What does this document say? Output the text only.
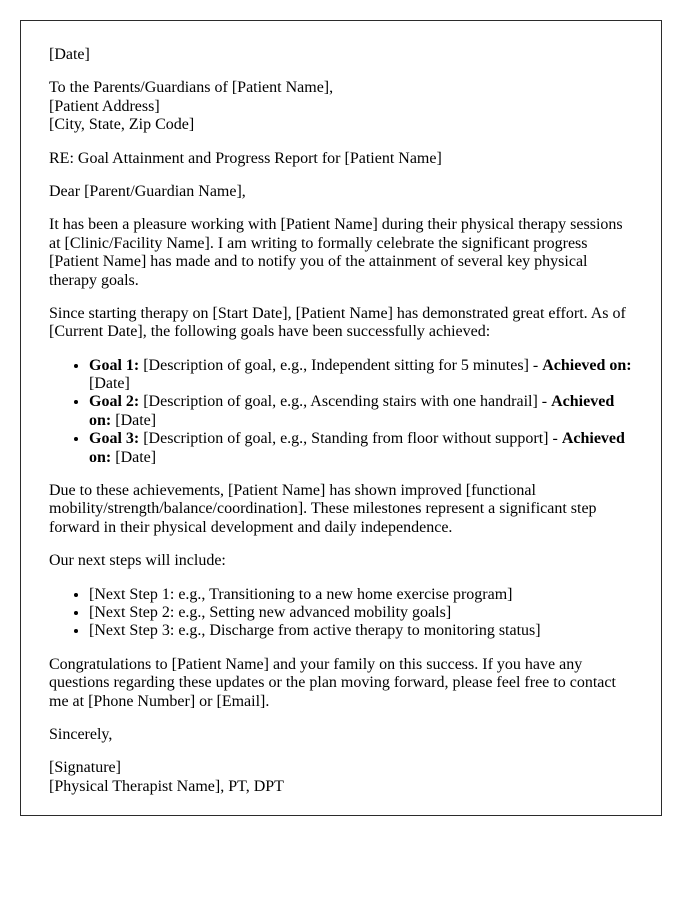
[Date]

To the Parents/Guardians of [Patient Name],
[Patient Address]
[City, State, Zip Code]

RE: Goal Attainment and Progress Report for [Patient Name]

Dear [Parent/Guardian Name],

It has been a pleasure working with [Patient Name] during their physical therapy sessions at [Clinic/Facility Name]. I am writing to formally celebrate the significant progress [Patient Name] has made and to notify you of the attainment of several key physical therapy goals.

Since starting therapy on [Start Date], [Patient Name] has demonstrated great effort. As of [Current Date], the following goals have been successfully achieved:

• Goal 1: [Description of goal, e.g., Independent sitting for 5 minutes] - Achieved on: [Date]
• Goal 2: [Description of goal, e.g., Ascending stairs with one handrail] - Achieved on: [Date]
• Goal 3: [Description of goal, e.g., Standing from floor without support] - Achieved on: [Date]

Due to these achievements, [Patient Name] has shown improved [functional mobility/strength/balance/coordination]. These milestones represent a significant step forward in their physical development and daily independence.

Our next steps will include:

• [Next Step 1: e.g., Transitioning to a new home exercise program]
• [Next Step 2: e.g., Setting new advanced mobility goals]
• [Next Step 3: e.g., Discharge from active therapy to monitoring status]

Congratulations to [Patient Name] and your family on this success. If you have any questions regarding these updates or the plan moving forward, please feel free to contact me at [Phone Number] or [Email].

Sincerely,

[Signature]
[Physical Therapist Name], PT, DPT
